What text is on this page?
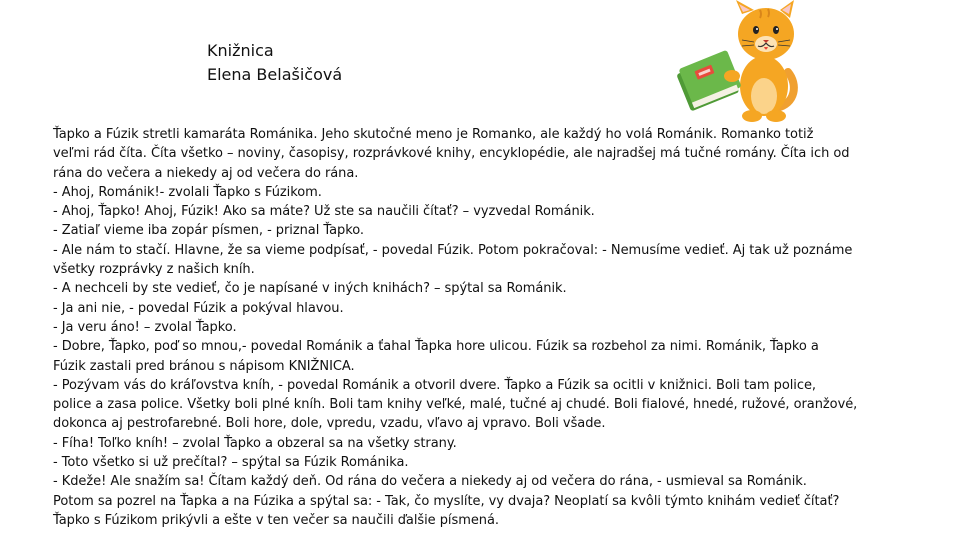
Knižnica
Elena Belašičová
Ťapko a Fúzik stretli kamaráta Románika. Jeho skutočné meno je Romanko, ale každý ho volá Románik. Romanko totiž
veľmi rád číta. Číta všetko – noviny, časopisy, rozprávkové knihy, encyklopédie, ale najradšej má tučné romány. Číta ich od
rána do večera a niekedy aj od večera do rána.
- Ahoj, Románik!- zvolali Ťapko s Fúzikom.
- Ahoj, Ťapko! Ahoj, Fúzik! Ako sa máte? Už ste sa naučili čítať? – vyzvedal Románik.
- Zatiaľ vieme iba zopár písmen, - priznal Ťapko.
- Ale nám to stačí. Hlavne, že sa vieme podpísať, - povedal Fúzik. Potom pokračoval: - Nemusíme vedieť. Aj tak už poznáme
všetky rozprávky z našich kníh.
- A nechceli by ste vedieť, čo je napísané v iných knihách? – spýtal sa Románik.
- Ja ani nie, - povedal Fúzik a pokýval hlavou.
- Ja veru áno! – zvolal Ťapko.
- Dobre, Ťapko, poď so mnou,- povedal Románik a ťahal Ťapka hore ulicou. Fúzik sa rozbehol za nimi. Románik, Ťapko a
Fúzik zastali pred bránou s nápisom KNIŽNICA.
- Pozývam vás do kráľovstva kníh, - povedal Románik a otvoril dvere. Ťapko a Fúzik sa ocitli v knižnici. Boli tam police,
police a zasa police. Všetky boli plné kníh. Boli tam knihy veľké, malé, tučné aj chudé. Boli fialové, hnedé, ružové, oranžové,
dokonca aj pestrofarebné. Boli hore, dole, vpredu, vzadu, vľavo aj vpravo. Boli všade.
- Fíha! Toľko kníh! – zvolal Ťapko a obzeral sa na všetky strany.
- Toto všetko si už prečítal? – spýtal sa Fúzik Románika.
- Kdeže! Ale snažím sa! Čítam každý deň. Od rána do večera a niekedy aj od večera do rána, - usmieval sa Románik.
Potom sa pozrel na Ťapka a na Fúzika a spýtal sa: - Tak, čo myslíte, vy dvaja? Neoplatí sa kvôli týmto knihám vedieť čítať?
Ťapko s Fúzikom prikývli a ešte v ten večer sa naučili ďalšie písmená.
